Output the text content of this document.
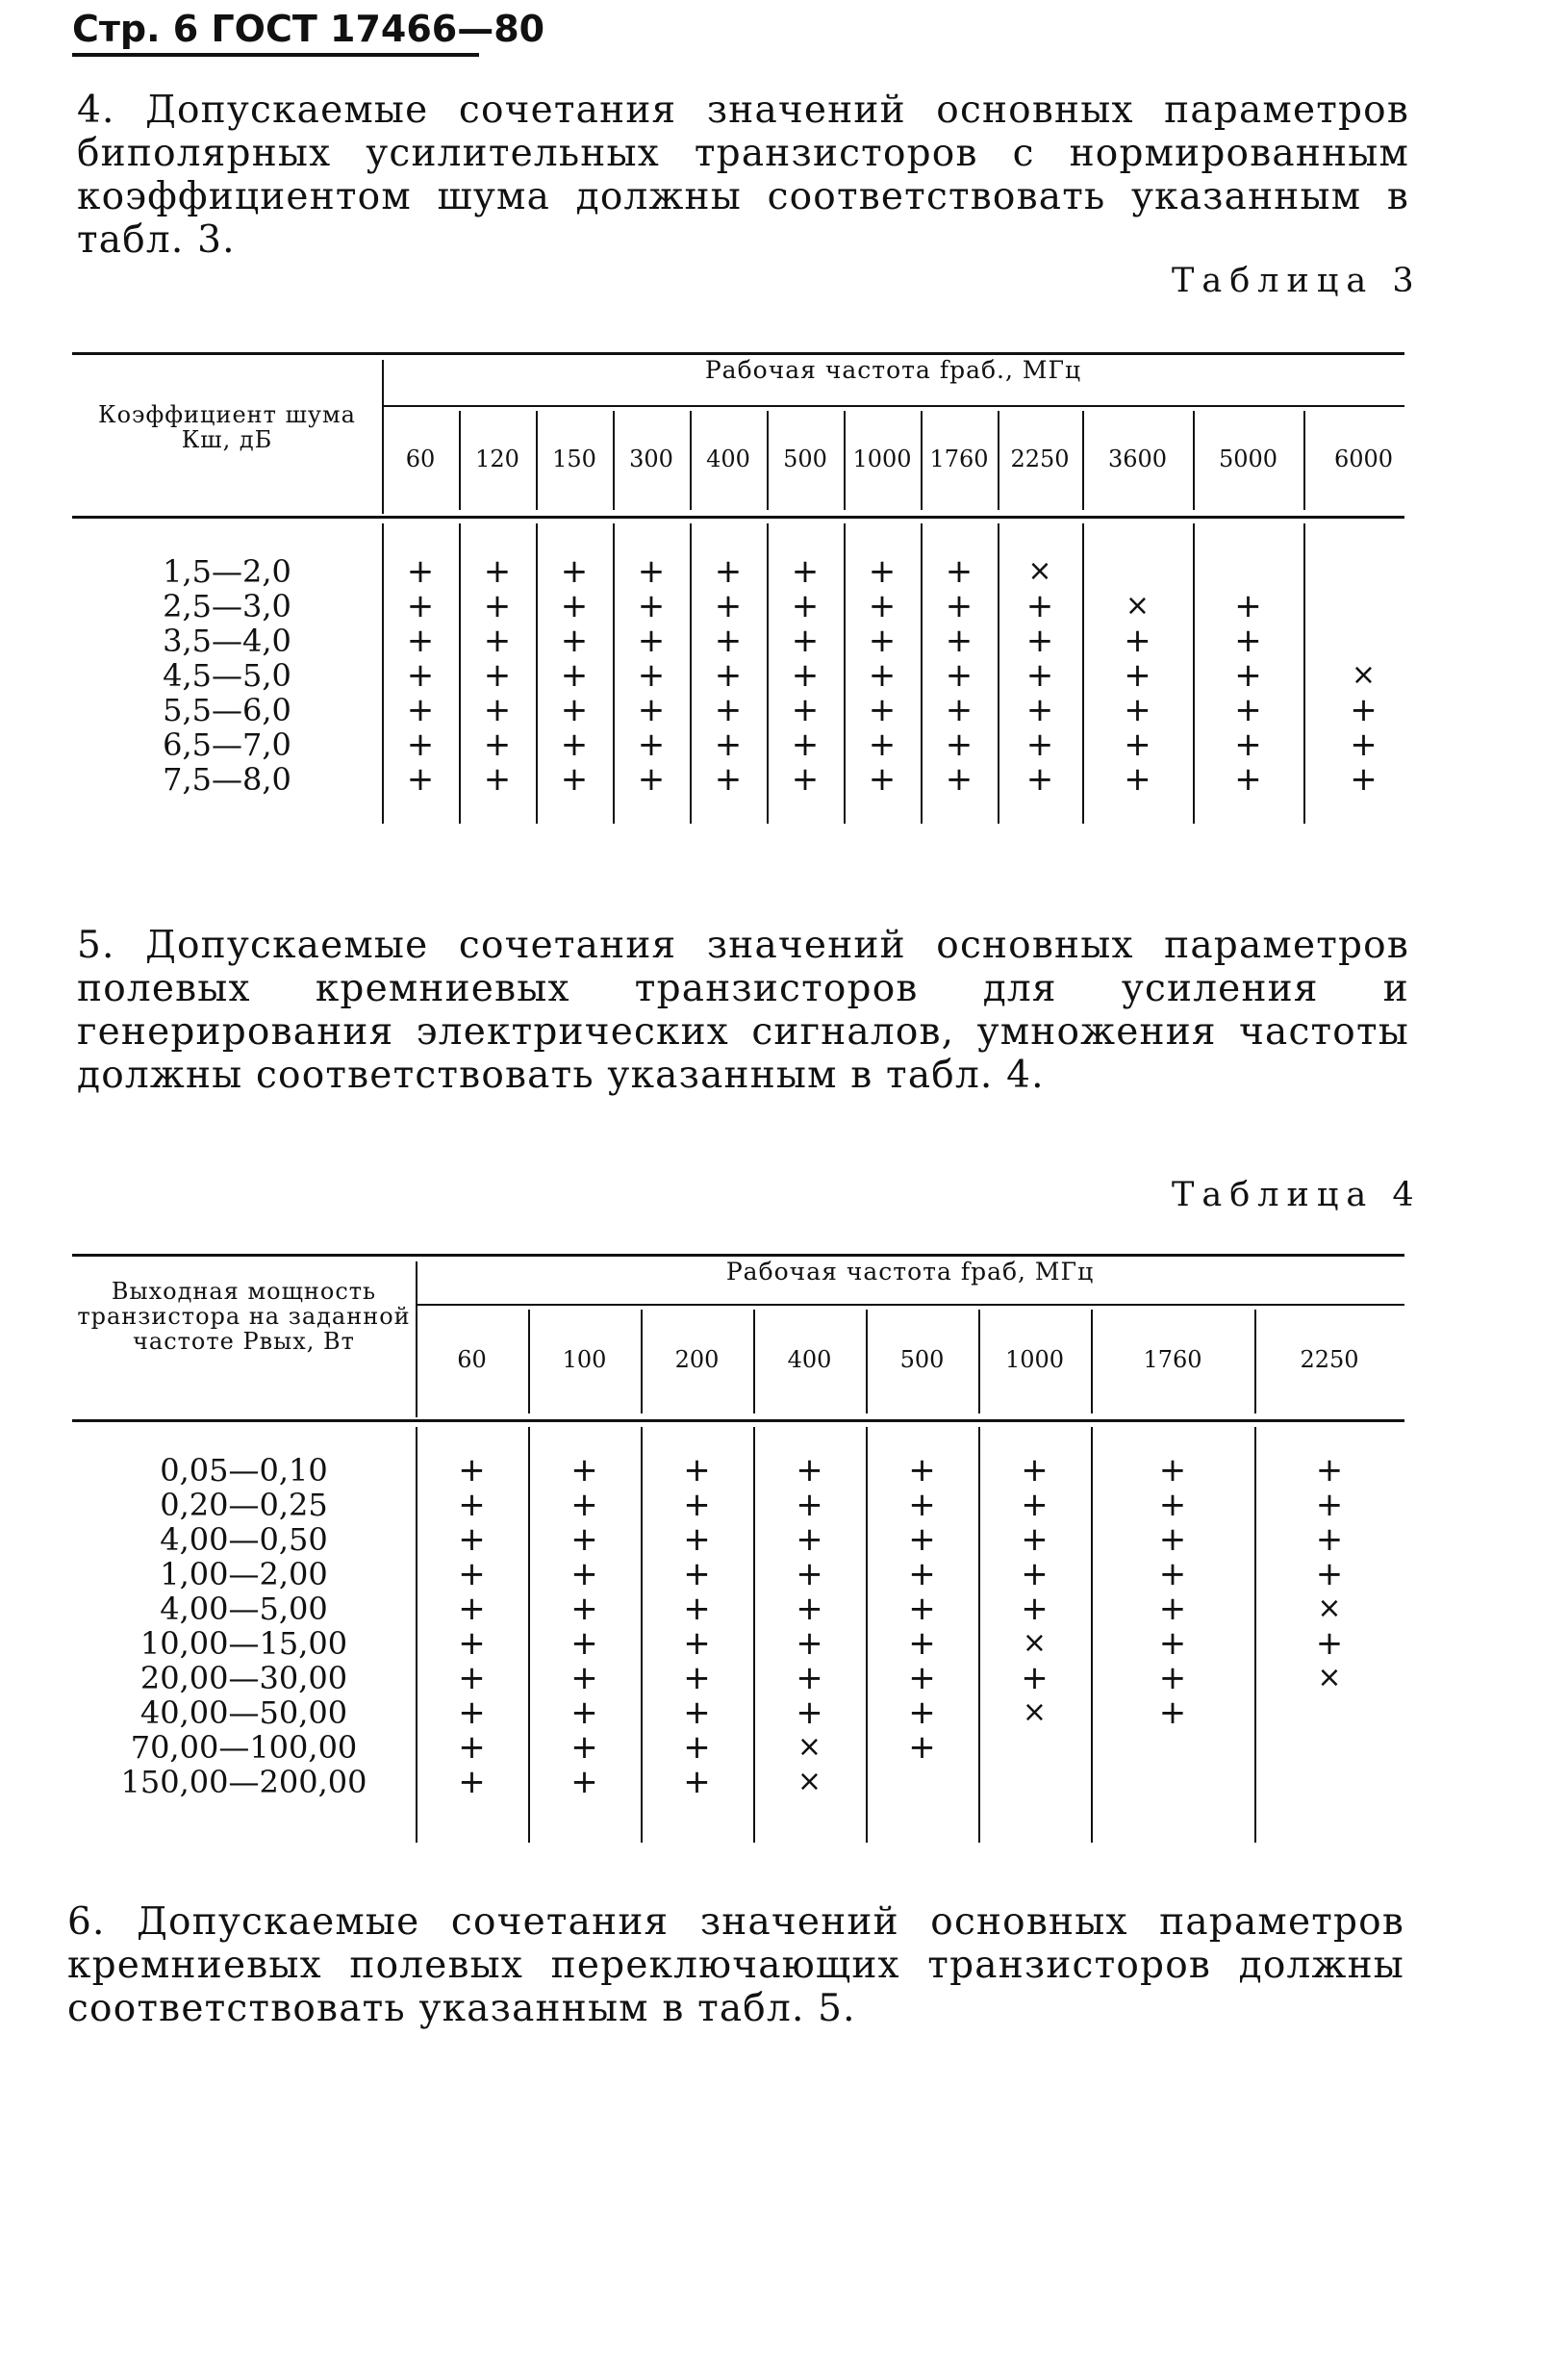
Стр. 6 ГОСТ 17466—80
4. Допускаемые сочетания значений основных параметров биполярных усилительных транзисторов с нормированным коэффициентом шума должны соответствовать указанным в табл. 3.
Таблица 3
Коэффициент шума Кш, дБ
Рабочая частота fраб., МГц
60	120	150	300	400	500	1000 1760 2250	3600	5000	6000
1,5—2,0	+	+	+	+	+	+	+	+	×
2,5—3,0	+	+	+	+	+	+	+	+	+	×	+
3,5—4,0	+	+	+	+	+	+	+	+	+	+	+
4,5—5,0	+	+	+	+	+	+	+	+	+	+	+	×
5,5—6,0	+	+	+	+	+	+	+	+	+	+	+	+
6,5—7,0	+	+	+	+	+	+	+	+	+	+	+	+
7,5—8,0	+	+	+	+	+	+	+	+	+	+	+	+
5. Допускаемые сочетания значений основных параметров полевых кремниевых транзисторов для усиления и генерирования электрических сигналов, умножения частоты должны соответствовать указанным в табл. 4.
Таблица 4
Выходная мощность транзистора на заданной частоте Рвых, Вт
Рабочая частота fраб, МГц
60	100	200	400	500	1000	1760	2250
0,05—0,10	+	+	+	+	+	+	+	+
0,20—0,25	+	+	+	+	+	+	+	+
4,00—0,50	+	+	+	+	+	+	+	+
1,00—2,00	+	+	+	+	+	+	+	+
4,00—5,00	+	+	+	+	+	+	+	×
10,00—15,00	+	+	+	+	+	×	+	+
20,00—30,00	+	+	+	+	+	+	+	×
40,00—50,00	+	+	+	+	+	×	+
70,00—100,00	+	+	+	×	+
150,00—200,00	+	+	+	×
6. Допускаемые сочетания значений основных параметров кремниевых полевых переключающих транзисторов должны соответствовать указанным в табл. 5.
